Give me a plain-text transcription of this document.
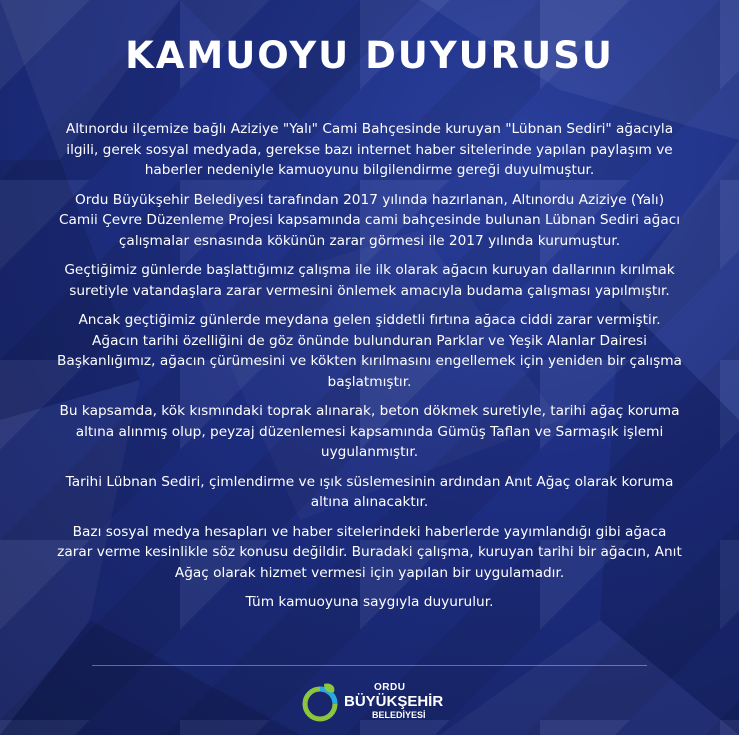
KAMUOYU DUYURUSU

Altınordu ilçemize bağlı Aziziye "Yalı" Cami Bahçesinde kuruyan "Lübnan Sediri" ağacıyla ilgili, gerek sosyal medyada, gerekse bazı internet haber sitelerinde yapılan paylaşım ve haberler nedeniyle kamuoyunu bilgilendirme gereği duyulmuştur.

Ordu Büyükşehir Belediyesi tarafından 2017 yılında hazırlanan, Altınordu Aziziye (Yalı) Camii Çevre Düzenleme Projesi kapsamında cami bahçesinde bulunan Lübnan Sediri ağacı çalışmalar esnasında kökünün zarar görmesi ile 2017 yılında kurumuştur.

Geçtiğimiz günlerde başlattığımız çalışma ile ilk olarak ağacın kuruyan dallarının kırılmak suretiyle vatandaşlara zarar vermesini önlemek amacıyla budama çalışması yapılmıştır.

Ancak geçtiğimiz günlerde meydana gelen şiddetli fırtına ağaca ciddi zarar vermiştir. Ağacın tarihi özelliğini de göz önünde bulunduran Parklar ve Yeşik Alanlar Dairesi Başkanlığımız, ağacın çürümesini ve kökten kırılmasını engellemek için yeniden bir çalışma başlatmıştır.

Bu kapsamda, kök kısmındaki toprak alınarak, beton dökmek suretiyle, tarihi ağaç koruma altına alınmış olup, peyzaj düzenlemesi kapsamında Gümüş Taflan ve Sarmaşık işlemi uygulanmıştır.

Tarihi Lübnan Sediri, çimlendirme ve ışık süslemesinin ardından Anıt Ağaç olarak koruma altına alınacaktır.

Bazı sosyal medya hesapları ve haber sitelerindeki haberlerde yayımlandığı gibi ağaca zarar verme kesinlikle söz konusu değildir. Buradaki çalışma, kuruyan tarihi bir ağacın, Anıt Ağaç olarak hizmet vermesi için yapılan bir uygulamadır.

Tüm kamuoyuna saygıyla duyurulur.

ORDU
BÜYÜKŞEHİR
BELEDİYESİ
